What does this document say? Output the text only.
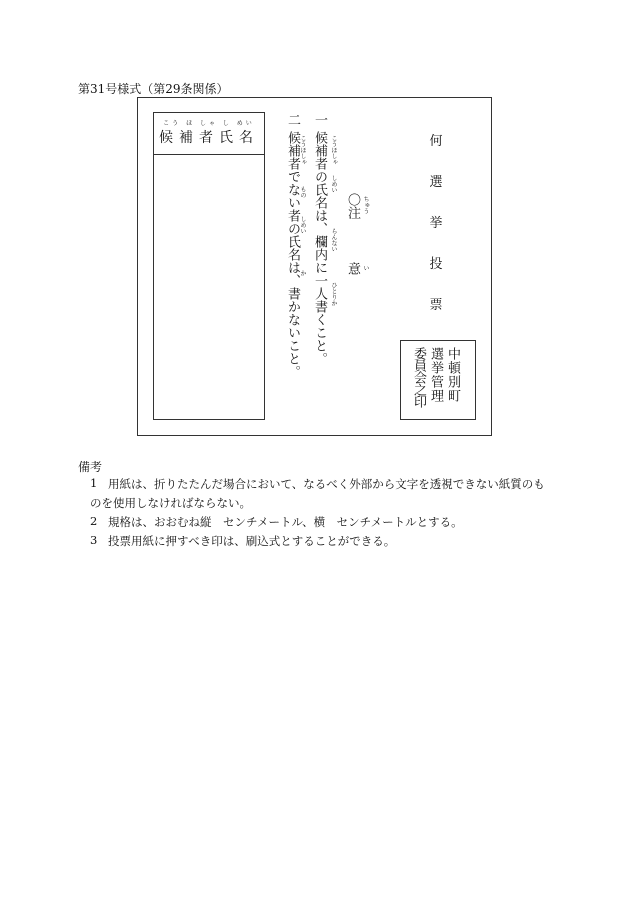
第31号様式（第29条関係）
こう ほ しゃ し めい
候補者氏名
二
候補者でない者の氏名は、書かないこと。 こうほしゃ
もの
しめい
か
一
候補者の氏名は、欄内に一人書くこと。 こうほしゃ
しめい
らんない
ひとりか
〇注 ちゅう
意 い
何
選
挙
投
票
中頓別町
選挙管理
委員会之印
備考
1 用紙は、折りたたんだ場合において、なるべく外部から文字を透視できない紙質のも
のを使用しなければならない。
2 規格は、おおむね縦　センチメートル、横　センチメートルとする。
3 投票用紙に押すべき印は、刷込式とすることができる。
